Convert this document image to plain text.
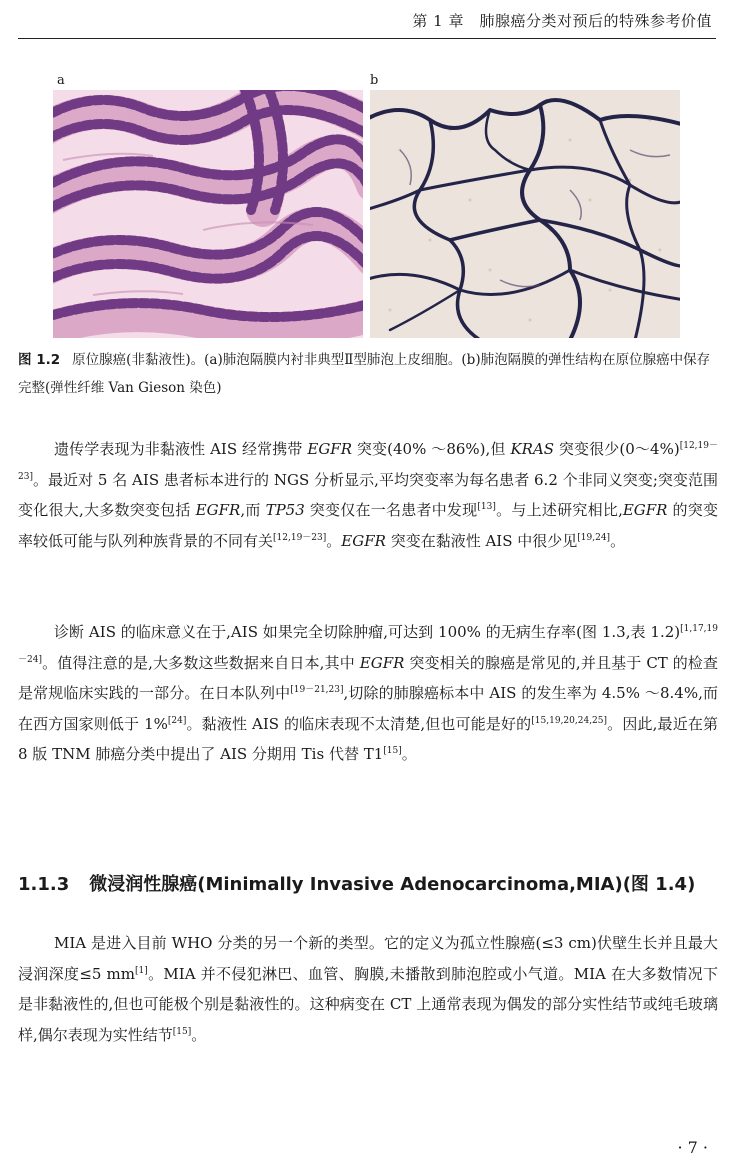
第 1 章　肺腺癌分类对预后的特殊参考价值
a	b
图 1.2 原位腺癌(非黏液性)。(a)肺泡隔膜内衬非典型Ⅱ型肺泡上皮细胞。(b)肺泡隔膜的弹性结构在原位腺癌中保存完整(弹性纤维 Van Gieson 染色)

遗传学表现为非黏液性 AIS 经常携带 EGFR 突变(40% ～86%),但 KRAS 突变很少(0～4%)[12,19－23]。最近对 5 名 AIS 患者标本进行的 NGS 分析显示,平均突变率为每名患者 6.2 个非同义突变;突变范围变化很大,大多数突变包括 EGFR,而 TP53 突变仅在一名患者中发现[13]。与上述研究相比,EGFR 的突变率较低可能与队列种族背景的不同有关[12,19－23]。EGFR 突变在黏液性 AIS 中很少见[19,24]。

诊断 AIS 的临床意义在于,AIS 如果完全切除肿瘤,可达到 100% 的无病生存率(图 1.3,表 1.2)[1,17,19－24]。值得注意的是,大多数这些数据来自日本,其中 EGFR 突变相关的腺癌是常见的,并且基于 CT 的检查是常规临床实践的一部分。在日本队列中[19－21,23],切除的肺腺癌标本中 AIS 的发生率为 4.5% ～8.4%,而在西方国家则低于 1%[24]。黏液性 AIS 的临床表现不太清楚,但也可能是好的[15,19,20,24,25]。因此,最近在第 8 版 TNM 肺癌分类中提出了 AIS 分期用 Tis 代替 T1[15]。

1.1.3 微浸润性腺癌(Minimally Invasive Adenocarcinoma,MIA)(图 1.4)

MIA 是进入目前 WHO 分类的另一个新的类型。它的定义为孤立性腺癌(≤3 cm)伏壁生长并且最大浸润深度≤5 mm[1]。MIA 并不侵犯淋巴、血管、胸膜,未播散到肺泡腔或小气道。MIA 在大多数情况下是非黏液性的,但也可能极个别是黏液性的。这种病变在 CT 上通常表现为偶发的部分实性结节或纯毛玻璃样,偶尔表现为实性结节[15]。

· 7 ·
